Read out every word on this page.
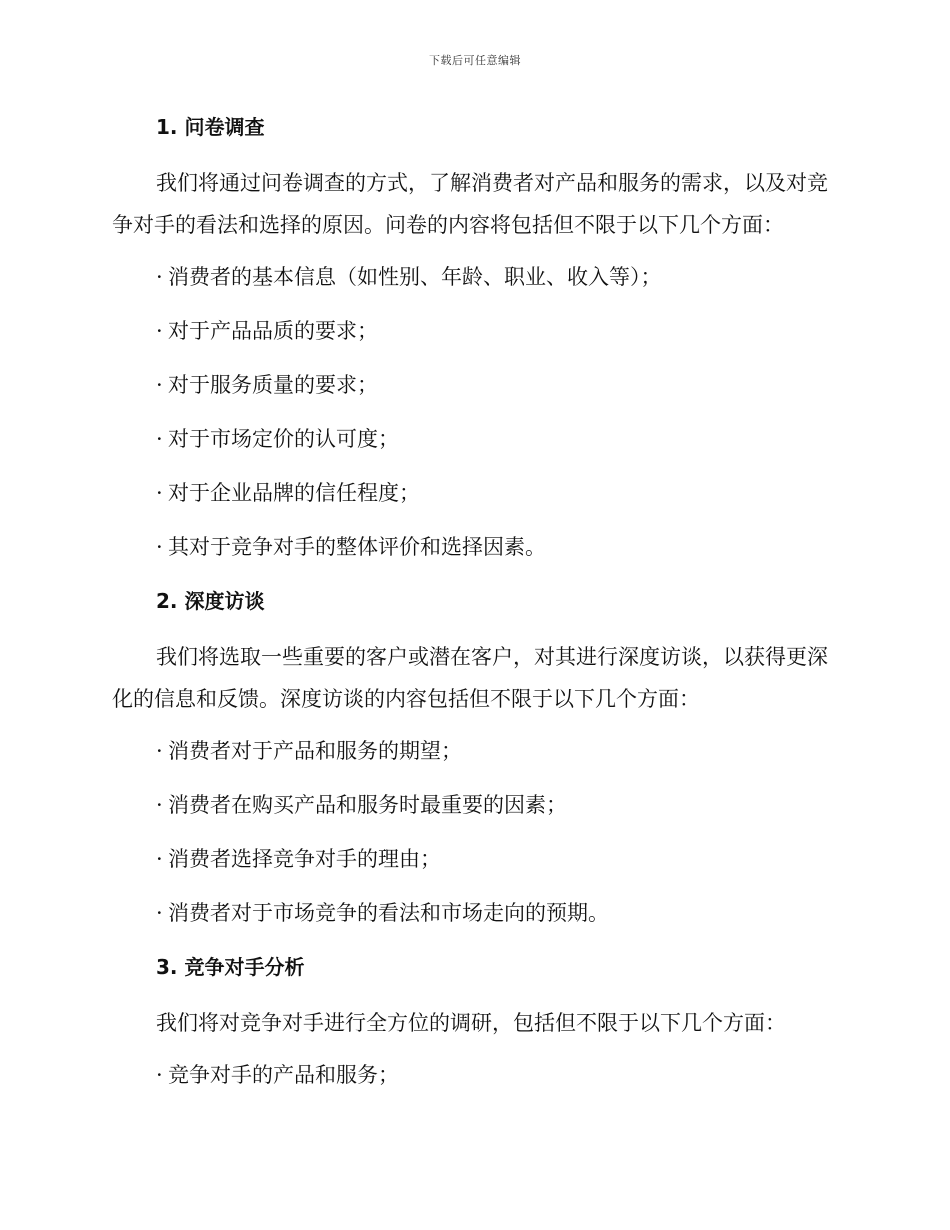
下载后可任意编辑
1. 问卷调查

我们将通过问卷调查的方式，了解消费者对产品和服务的需求，以及对竞争对手的看法和选择的原因。问卷的内容将包括但不限于以下几个方面：

· 消费者的基本信息（如性别、年龄、职业、收入等）；
· 对于产品品质的要求；
· 对于服务质量的要求；
· 对于市场定价的认可度；
· 对于企业品牌的信任程度；
· 其对于竞争对手的整体评价和选择因素。
2. 深度访谈

我们将选取一些重要的客户或潜在客户，对其进行深度访谈，以获得更深化的信息和反馈。深度访谈的内容包括但不限于以下几个方面：

· 消费者对于产品和服务的期望；
· 消费者在购买产品和服务时最重要的因素；
· 消费者选择竞争对手的理由；
· 消费者对于市场竞争的看法和市场走向的预期。
3. 竞争对手分析

我们将对竞争对手进行全方位的调研，包括但不限于以下几个方面：

· 竞争对手的产品和服务；
